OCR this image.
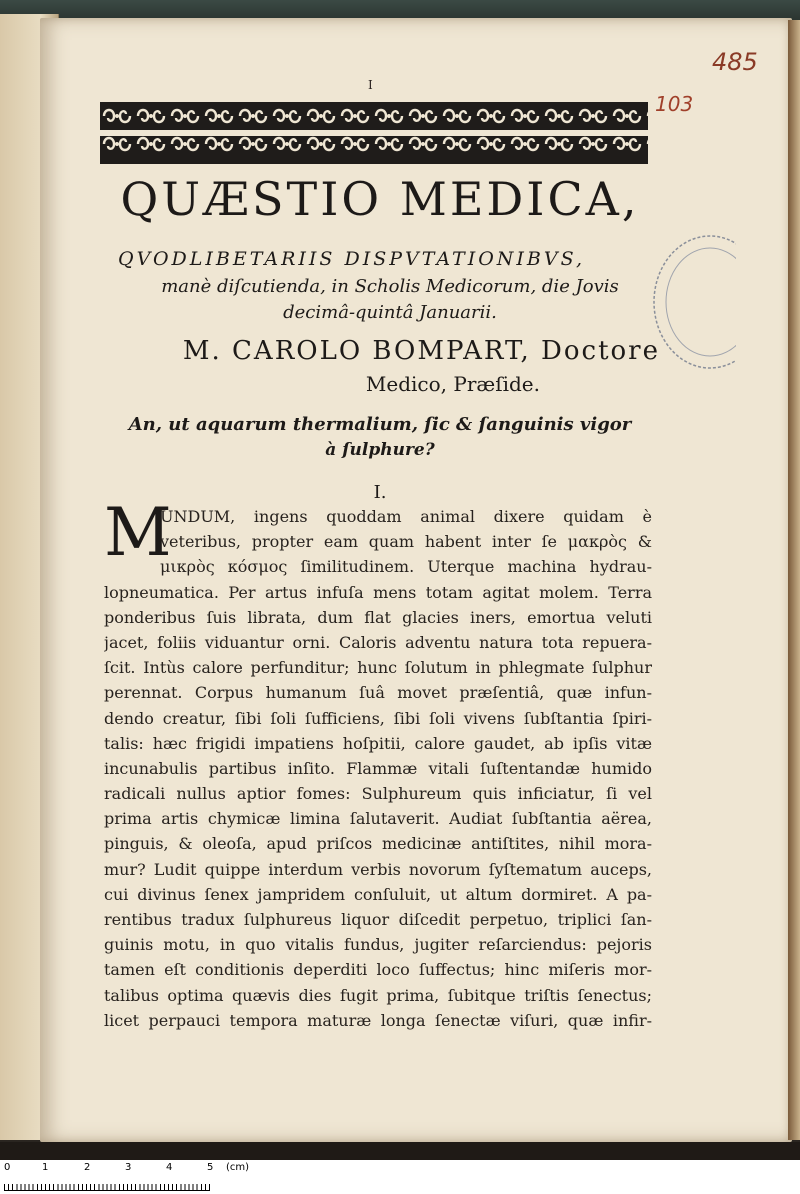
I
485
103
QUÆSTIO MEDICA,
QVODLIBETARIIS DISPVTATIONIBVS,
manè diſcutienda, in Scholis Medicorum, die Jovis
decimâ-quintâ Januarii.
M. CAROLO BOMPART, Doctore
Medico, Præſide.
An, ut aquarum thermalium, ſic & ſanguinis vigor
à ſulphure?
I.
M
UNDUM, ingens quoddam animal dixere quidam è
veteribus, propter eam quam habent inter ſe μακρὸς &
μικρὸς κόσμος ſimilitudinem. Uterque machina hydrau-
lopneumatica. Per artus infuſa mens totam agitat molem. Terra
ponderibus ſuis librata, dum flat glacies iners, emortua veluti
jacet, foliis viduantur orni. Caloris adventu natura tota repuera-
ſcit. Intùs calore perfunditur; hunc ſolutum in phlegmate ſulphur
perennat. Corpus humanum ſuâ movet præſentiâ, quæ infun-
dendo creatur, ſibi ſoli ſufficiens, ſibi ſoli vivens ſubſtantia ſpiri-
talis: hæc frigidi impatiens hoſpitii, calore gaudet, ab ipſis vitæ
incunabulis partibus inſito. Flammæ vitali ſuſtentandæ humido
radicali nullus aptior fomes: Sulphureum quis inficiatur, ſi vel
prima artis chymicæ limina ſalutaverit. Audiat ſubſtantia aërea,
pinguis, & oleoſa, apud priſcos medicinæ antiſtites, nihil mora-
mur? Ludit quippe interdum verbis novorum ſyſtematum auceps,
cui divinus ſenex jampridem conſuluit, ut altum dormiret. A pa-
rentibus tradux ſulphureus liquor diſcedit perpetuo, triplici ſan-
guinis motu, in quo vitalis fundus, jugiter reſarciendus: pejoris
tamen eſt conditionis deperditi loco ſuffectus; hinc miſeris mor-
talibus optima quævis dies fugit prima, ſubitque triſtis ſenectus;
licet perpauci tempora maturæ longa ſenectæ viſuri, quæ infir-
0	1	2	3	4	5 (cm)
